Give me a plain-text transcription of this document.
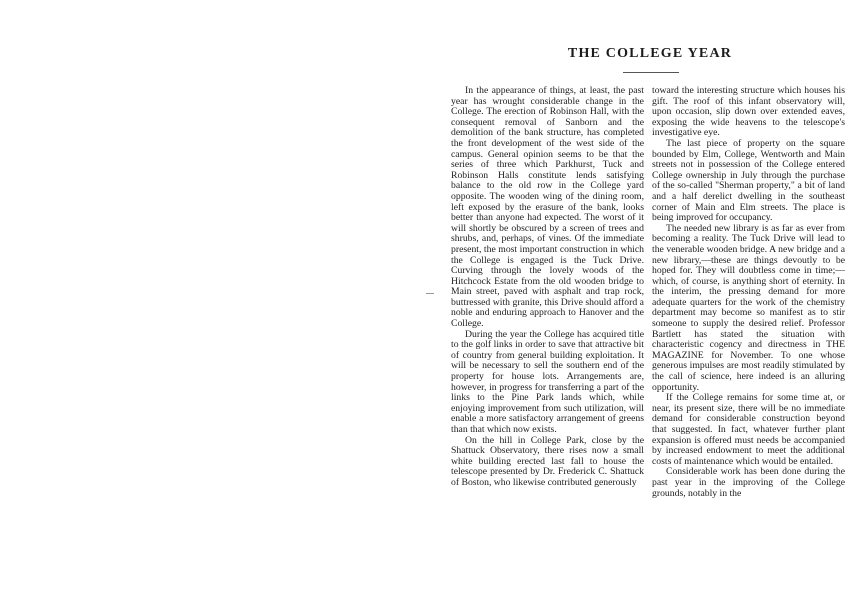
THE COLLEGE YEAR

In the appearance of things, at least, the past year has wrought considerable change in the College. The erection of Robinson Hall, with the consequent removal of Sanborn and the demolition of the bank structure, has completed the front development of the west side of the campus. General opinion seems to be that the series of three which Parkhurst, Tuck and Robinson Halls constitute lends satisfying balance to the old row in the College yard opposite. The wooden wing of the dining room, left exposed by the erasure of the bank, looks better than anyone had expected. The worst of it will shortly be obscured by a screen of trees and shrubs, and, perhaps, of vines. Of the immediate present, the most important construction in which the College is engaged is the Tuck Drive. Curving through the lovely woods of the Hitchcock Estate from the old wooden bridge to Main street, paved with asphalt and trap rock, buttressed with granite, this Drive should afford a noble and enduring approach to Hanover and the College.

During the year the College has acquired title to the golf links in order to save that attractive bit of country from general building exploitation. It will be necessary to sell the southern end of the property for house lots. Arrangements are, however, in progress for transferring a part of the links to the Pine Park lands which, while enjoying improvement from such utilization, will enable a more satisfactory arrangement of greens than that which now exists.

On the hill in College Park, close by the Shattuck Observatory, there rises now a small white building erected last fall to house the telescope presented by Dr. Frederick C. Shattuck of Boston, who likewise contributed generously

toward the interesting structure which houses his gift. The roof of this infant observatory will, upon occasion, slip down over extended eaves, exposing the wide heavens to the telescope's investigative eye.

The last piece of property on the square bounded by Elm, College, Wentworth and Main streets not in possession of the College entered College ownership in July through the purchase of the so-called "Sherman property," a bit of land and a half derelict dwelling in the southeast corner of Main and Elm streets. The place is being improved for occupancy.

The needed new library is as far as ever from becoming a reality. The Tuck Drive will lead to the venerable wooden bridge. A new bridge and a new library,—these are things devoutly to be hoped for. They will doubtless come in time;—which, of course, is anything short of eternity. In the interim, the pressing demand for more adequate quarters for the work of the chemistry department may become so manifest as to stir someone to supply the desired relief. Professor Bartlett has stated the situation with characteristic cogency and directness in THE MAGAZINE for November. To one whose generous impulses are most readily stimulated by the call of science, here indeed is an alluring opportunity.

If the College remains for some time at, or near, its present size, there will be no immediate demand for considerable construction beyond that suggested. In fact, whatever further plant expansion is offered must needs be accompanied by increased endowment to meet the additional costs of maintenance which would be entailed.

Considerable work has been done during the past year in the improving of the College grounds, notably in the
